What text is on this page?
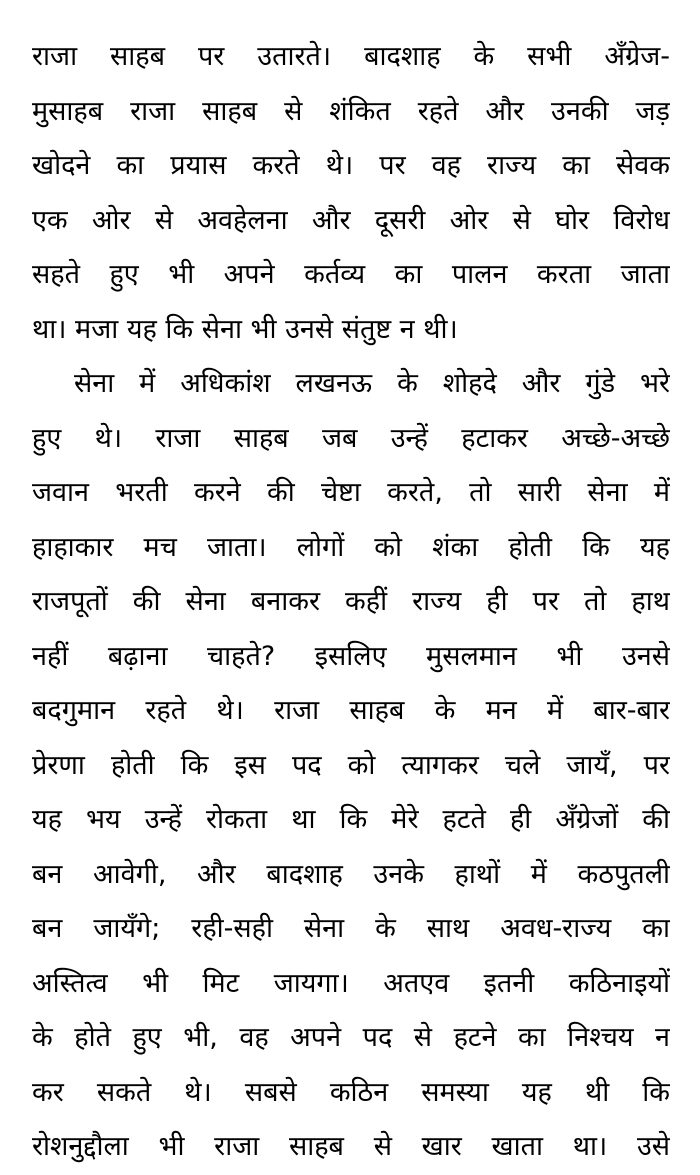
राजा साहब पर उतारते। बादशाह के सभी अँग्रेज-
मुसाहब राजा साहब से शंकित रहते और उनकी जड़
खोदने का प्रयास करते थे। पर वह राज्य का सेवक
एक ओर से अवहेलना और दूसरी ओर से घोर विरोध
सहते हुए भी अपने कर्तव्य का पालन करता जाता
था। मजा यह कि सेना भी उनसे संतुष्ट न थी।
सेना में अधिकांश लखनऊ के शोहदे और गुंडे भरे
हुए थे। राजा साहब जब उन्हें हटाकर अच्छे-अच्छे
जवान भरती करने की चेष्टा करते, तो सारी सेना में
हाहाकार मच जाता। लोगों को शंका होती कि यह
राजपूतों की सेना बनाकर कहीं राज्य ही पर तो हाथ
नहीं बढ़ाना चाहते? इसलिए मुसलमान भी उनसे
बदगुमान रहते थे। राजा साहब के मन में बार-बार
प्रेरणा होती कि इस पद को त्यागकर चले जायँ, पर
यह भय उन्हें रोकता था कि मेरे हटते ही अँग्रेजों की
बन आवेगी, और बादशाह उनके हाथों में कठपुतली
बन जायँगे; रही-सही सेना के साथ अवध-राज्य का
अस्तित्व भी मिट जायगा। अतएव इतनी कठिनाइयों
के होते हुए भी, वह अपने पद से हटने का निश्चय न
कर सकते थे। सबसे कठिन समस्या यह थी कि
रोशनुद्दौला भी राजा साहब से खार खाता था। उसे
